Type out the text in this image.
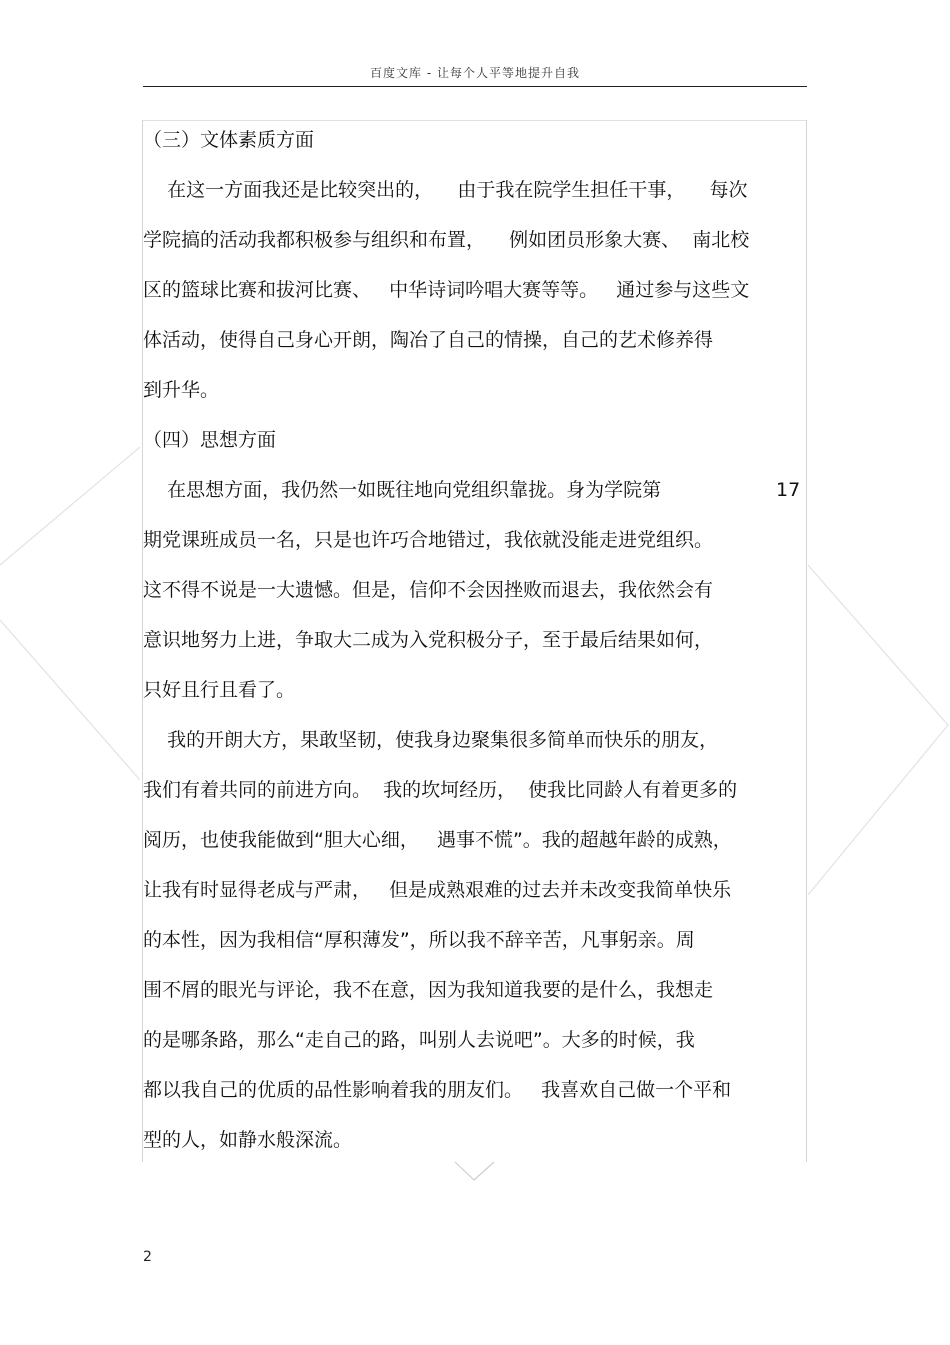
百度文库 - 让每个人平等地提升自我
（三）文体素质方面
在这一方面我还是比较突出的，    由于我在院学生担任干事，    每次
学院搞的活动我都积极参与组织和布置，    例如团员形象大赛、  南北校
区的篮球比赛和拔河比赛、   中华诗词吟唱大赛等等。   通过参与这些文
体活动，使得自己身心开朗，陶冶了自己的情操，自己的艺术修养得
到升华。
（四）思想方面
在思想方面，我仍然一如既往地向党组织靠拢。身为学院第	17
期党课班成员一名，只是也许巧合地错过，我依就没能走进党组织。
这不得不说是一大遗憾。但是，信仰不会因挫败而退去，我依然会有
意识地努力上进，争取大二成为入党积极分子，至于最后结果如何，
只好且行且看了。
我的开朗大方，果敢坚韧，使我身边聚集很多简单而快乐的朋友，
我们有着共同的前进方向。  我的坎坷经历，  使我比同龄人有着更多的
阅历，也使我能做到“胆大心细，   遇事不慌”。我的超越年龄的成熟，
让我有时显得老成与严肃，   但是成熟艰难的过去并未改变我简单快乐
的本性，因为我相信“厚积薄发”，所以我不辞辛苦，凡事躬亲。周
围不屑的眼光与评论，我不在意，因为我知道我要的是什么，我想走
的是哪条路，那么“走自己的路，叫别人去说吧”。大多的时候，我
都以我自己的优质的品性影响着我的朋友们。   我喜欢自己做一个平和
型的人，如静水般深流。
2
